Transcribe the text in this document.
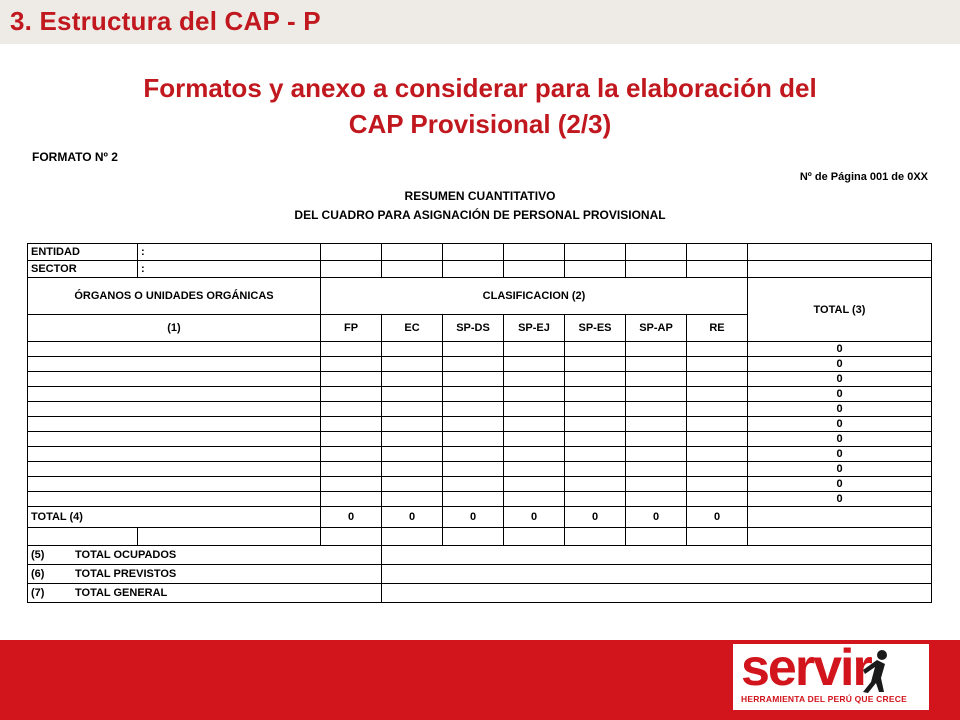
3. Estructura del CAP - P
Formatos y anexo a considerar para la elaboración del
CAP Provisional (2/3)
FORMATO Nº 2
Nº de Página 001 de 0XX
RESUMEN CUANTITATIVO
DEL CUADRO PARA ASIGNACIÓN DE PERSONAL PROVISIONAL
ENTIDAD	:								
SECTOR	:								
ÓRGANOS O UNIDADES ORGÁNICAS		CLASIFICACION (2)							TOTAL (3)
(1)		FP	EC	SP-DS	SP-EJ	SP-ES	SP-AP	RE	
									0
									0
									0
									0
									0
									0
									0
									0
									0
									0
									0
TOTAL (4)		0	0	0	0	0	0	0	

(5) TOTAL OCUPADOS									
(6) TOTAL PREVISTOS									
(7) TOTAL GENERAL									
servir
HERRAMIENTA DEL PERÚ QUE CRECE
